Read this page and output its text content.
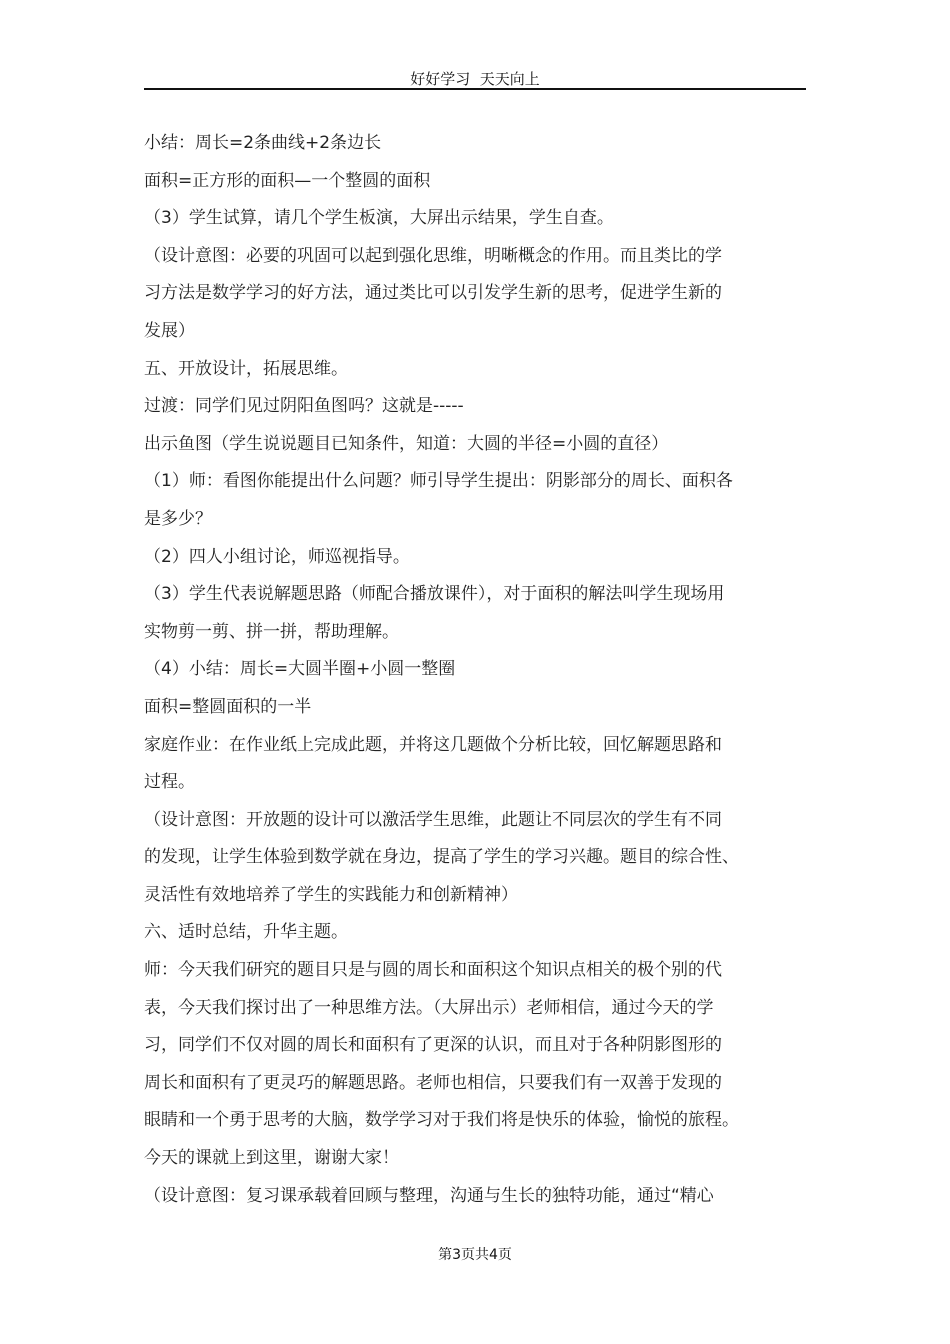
好好学习  天天向上
小结：周长=2条曲线+2条边长
面积=正方形的面积—一个整圆的面积
（3）学生试算，请几个学生板演，大屏出示结果，学生自查。
（设计意图：必要的巩固可以起到强化思维，明晰概念的作用。而且类比的学
习方法是数学学习的好方法，通过类比可以引发学生新的思考，促进学生新的
发展）
五、开放设计，拓展思维。
过渡：同学们见过阴阳鱼图吗？这就是-----
出示鱼图（学生说说题目已知条件，知道：大圆的半径=小圆的直径）
（1）师：看图你能提出什么问题？师引导学生提出：阴影部分的周长、面积各
是多少？
（2）四人小组讨论，师巡视指导。
（3）学生代表说解题思路（师配合播放课件），对于面积的解法叫学生现场用
实物剪一剪、拼一拼，帮助理解。
（4）小结：周长=大圆半圈+小圆一整圈
面积=整圆面积的一半
家庭作业：在作业纸上完成此题，并将这几题做个分析比较，回忆解题思路和
过程。
（设计意图：开放题的设计可以激活学生思维，此题让不同层次的学生有不同
的发现，让学生体验到数学就在身边，提高了学生的学习兴趣。题目的综合性、
灵活性有效地培养了学生的实践能力和创新精神）
六、适时总结，升华主题。
师：今天我们研究的题目只是与圆的周长和面积这个知识点相关的极个别的代
表，今天我们探讨出了一种思维方法。（大屏出示）老师相信，通过今天的学
习，同学们不仅对圆的周长和面积有了更深的认识，而且对于各种阴影图形的
周长和面积有了更灵巧的解题思路。老师也相信，只要我们有一双善于发现的
眼睛和一个勇于思考的大脑，数学学习对于我们将是快乐的体验，愉悦的旅程。
今天的课就上到这里，谢谢大家！
（设计意图：复习课承载着回顾与整理，沟通与生长的独特功能，通过“精心
第3页共4页
